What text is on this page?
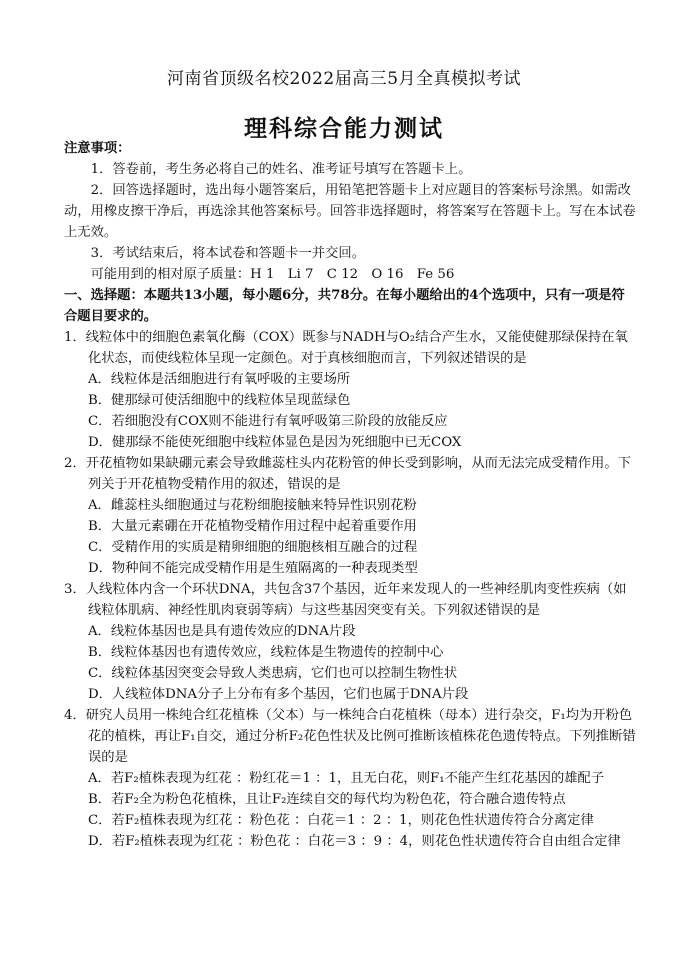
河南省顶级名校2022届高三5月全真模拟考试
理科综合能力测试
注意事项：
1．答卷前，考生务必将自己的姓名、准考证号填写在答题卡上。
2．回答选择题时，选出每小题答案后，用铅笔把答题卡上对应题目的答案标号涂黑。如需改动，用橡皮擦干净后，再选涂其他答案标号。回答非选择题时，将答案写在答题卡上。写在本试卷上无效。
3．考试结束后，将本试卷和答题卡一并交回。
可能用到的相对原子质量：H 1　Li 7　C 12　O 16　Fe 56
一、选择题：本题共13小题，每小题6分，共78分。在每小题给出的4个选项中，只有一项是符合题目要求的。
1．线粒体中的细胞色素氧化酶（COX）既参与NADH与O₂结合产生水，又能使健那绿保持在氧化状态，而使线粒体呈现一定颜色。对于真核细胞而言，下列叙述错误的是
A．线粒体是活细胞进行有氧呼吸的主要场所
B．健那绿可使活细胞中的线粒体呈现蓝绿色
C．若细胞没有COX则不能进行有氧呼吸第三阶段的放能反应
D．健那绿不能使死细胞中线粒体显色是因为死细胞中已无COX
2．开花植物如果缺硼元素会导致雌蕊柱头内花粉管的伸长受到影响，从而无法完成受精作用。下列关于开花植物受精作用的叙述，错误的是
A．雌蕊柱头细胞通过与花粉细胞接触来特异性识别花粉
B．大量元素硼在开花植物受精作用过程中起着重要作用
C．受精作用的实质是精卵细胞的细胞核相互融合的过程
D．物种间不能完成受精作用是生殖隔离的一种表现类型
3．人线粒体内含一个环状DNA，共包含37个基因，近年来发现人的一些神经肌肉变性疾病（如线粒体肌病、神经性肌肉衰弱等病）与这些基因突变有关。下列叙述错误的是
A．线粒体基因也是具有遗传效应的DNA片段
B．线粒体基因也有遗传效应，线粒体是生物遗传的控制中心
C．线粒体基因突变会导致人类患病，它们也可以控制生物性状
D．人线粒体DNA分子上分布有多个基因，它们也属于DNA片段
4．研究人员用一株纯合红花植株（父本）与一株纯合白花植株（母本）进行杂交，F₁均为开粉色花的植株，再让F₁自交，通过分析F₂花色性状及比例可推断该植株花色遗传特点。下列推断错误的是
A．若F₂植株表现为红花 ：粉红花＝1 ：1，且无白花，则F₁不能产生红花基因的雄配子
B．若F₂全为粉色花植株，且让F₂连续自交的每代均为粉色花，符合融合遗传特点
C．若F₂植株表现为红花 ：粉色花 ：白花＝1 ：2 ：1，则花色性状遗传符合分离定律
D．若F₂植株表现为红花 ：粉色花 ：白花＝3 ：9 ：4，则花色性状遗传符合自由组合定律
